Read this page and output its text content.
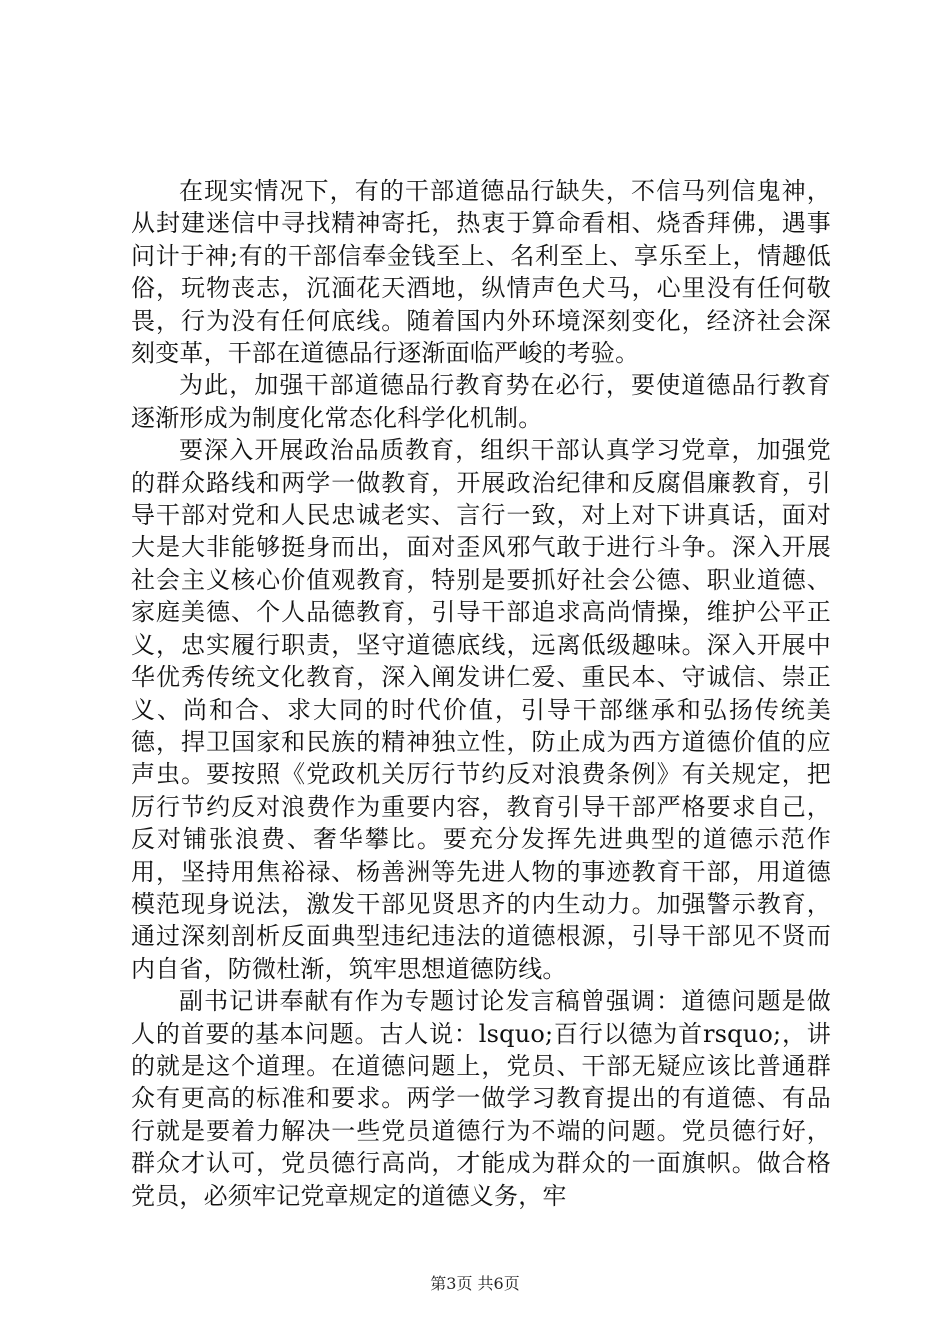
在现实情况下，有的干部道德品行缺失，不信马列信鬼神，从封建迷信中寻找精神寄托，热衷于算命看相、烧香拜佛，遇事问计于神;有的干部信奉金钱至上、名利至上、享乐至上，情趣低俗，玩物丧志，沉湎花天酒地，纵情声色犬马，心里没有任何敬畏，行为没有任何底线。随着国内外环境深刻变化，经济社会深刻变革，干部在道德品行逐渐面临严峻的考验。

为此，加强干部道德品行教育势在必行，要使道德品行教育逐渐形成为制度化常态化科学化机制。

要深入开展政治品质教育，组织干部认真学习党章，加强党的群众路线和两学一做教育，开展政治纪律和反腐倡廉教育，引导干部对党和人民忠诚老实、言行一致，对上对下讲真话，面对大是大非能够挺身而出，面对歪风邪气敢于进行斗争。深入开展社会主义核心价值观教育，特别是要抓好社会公德、职业道德、家庭美德、个人品德教育，引导干部追求高尚情操，维护公平正义，忠实履行职责，坚守道德底线，远离低级趣味。深入开展中华优秀传统文化教育，深入阐发讲仁爱、重民本、守诚信、崇正义、尚和合、求大同的时代价值，引导干部继承和弘扬传统美德，捍卫国家和民族的精神独立性，防止成为西方道德价值的应声虫。要按照《党政机关厉行节约反对浪费条例》有关规定，把厉行节约反对浪费作为重要内容，教育引导干部严格要求自己，反对铺张浪费、奢华攀比。要充分发挥先进典型的道德示范作用，坚持用焦裕禄、杨善洲等先进人物的事迹教育干部，用道德模范现身说法，激发干部见贤思齐的内生动力。加强警示教育，通过深刻剖析反面典型违纪违法的道德根源，引导干部见不贤而内自省，防微杜渐，筑牢思想道德防线。

副书记讲奉献有作为专题讨论发言稿曾强调：道德问题是做人的首要的基本问题。古人说：lsquo;百行以德为首rsquo;，讲的就是这个道理。在道德问题上，党员、干部无疑应该比普通群众有更高的标准和要求。两学一做学习教育提出的有道德、有品行就是要着力解决一些党员道德行为不端的问题。党员德行好，群众才认可，党员德行高尚，才能成为群众的一面旗帜。做合格党员，必须牢记党章规定的道德义务，牢

第3页 共6页
